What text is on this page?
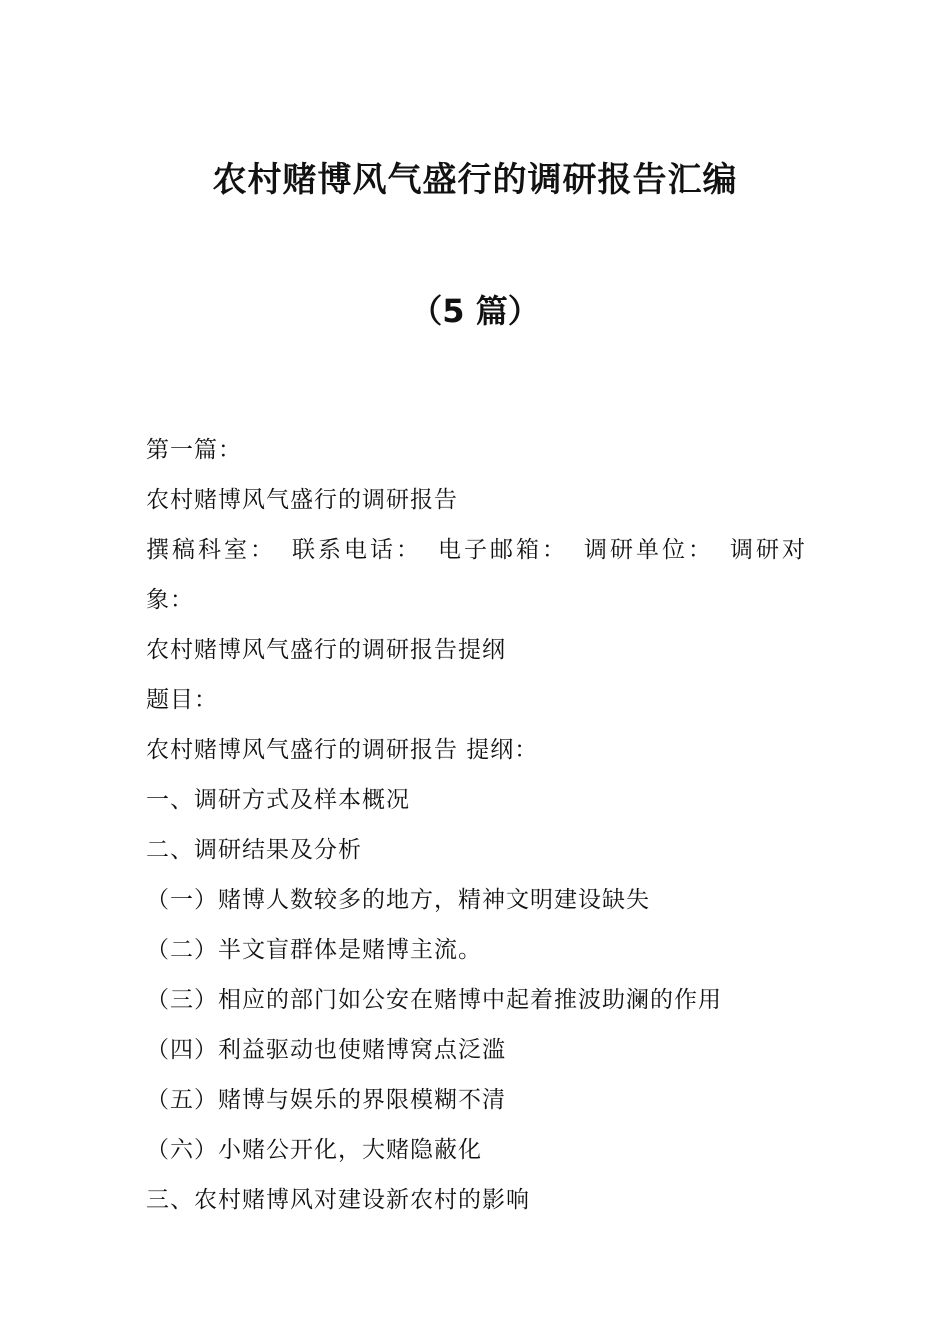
农村赌博风气盛行的调研报告汇编
（5 篇）
第一篇：
农村赌博风气盛行的调研报告
撰稿科室： 联系电话： 电子邮箱： 调研单位： 调研对
象：
农村赌博风气盛行的调研报告提纲
题目：
农村赌博风气盛行的调研报告 提纲：
一、调研方式及样本概况
二、调研结果及分析
（一）赌博人数较多的地方，精神文明建设缺失
（二）半文盲群体是赌博主流。
（三）相应的部门如公安在赌博中起着推波助澜的作用
（四）利益驱动也使赌博窝点泛滥
（五）赌博与娱乐的界限模糊不清
（六）小赌公开化，大赌隐蔽化
三、农村赌博风对建设新农村的影响
